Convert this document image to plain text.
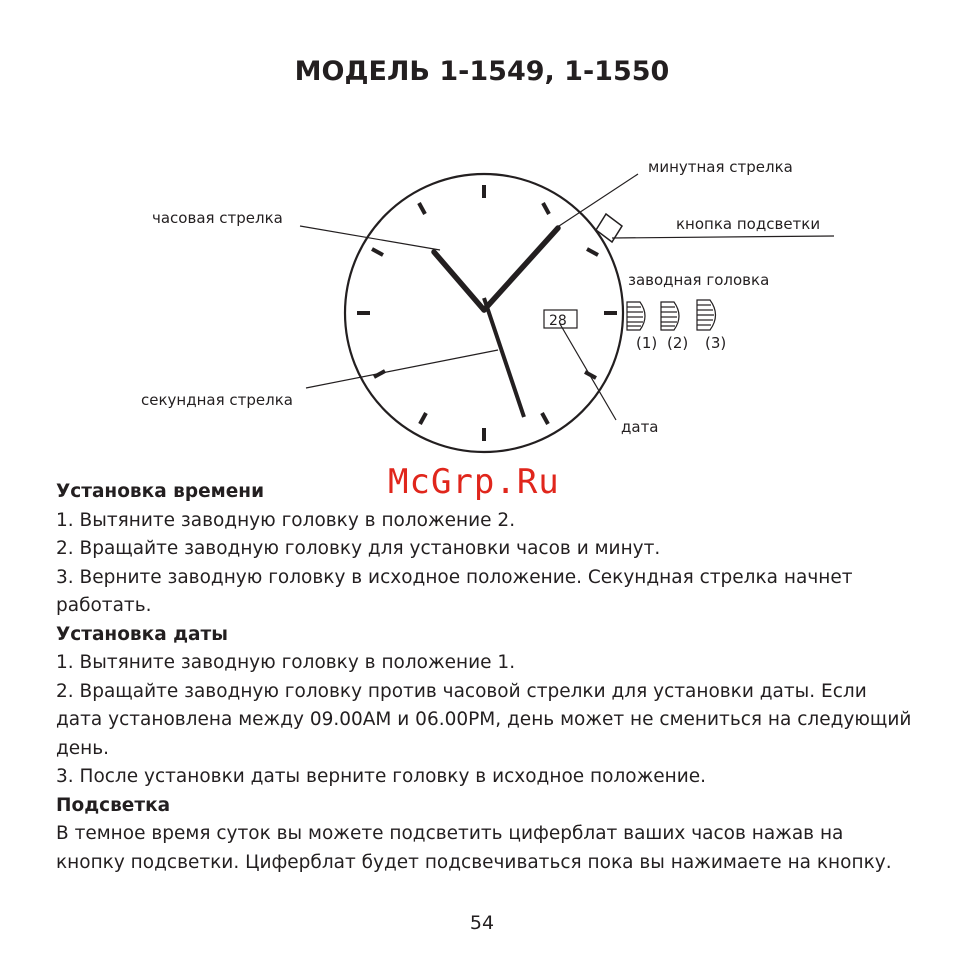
МОДЕЛЬ 1-1549, 1-1550
28
(1) (2) (3)
часовая стрелка
минутная стрелка
кнопка подсветки
заводная головка
секундная стрелка
дата
McGrp.Ru
Установка времени

1. Вытяните заводную головку в положение 2.

2. Вращайте заводную головку для установки часов и минут.

3. Верните заводную головку в исходное положение. Секундная стрелка начнет работать.

Установка даты

1. Вытяните заводную головку в положение 1.

2. Вращайте заводную головку против часовой стрелки для установки даты. Если дата установлена между 09.00AM и 06.00PM, день может не смениться на следующий день.

3. После установки даты верните головку в исходное положение.

Подсветка

В темное время суток вы можете подсветить циферблат ваших часов нажав на кнопку подсветки. Циферблат будет подсвечиваться пока вы нажимаете на кнопку.

54
